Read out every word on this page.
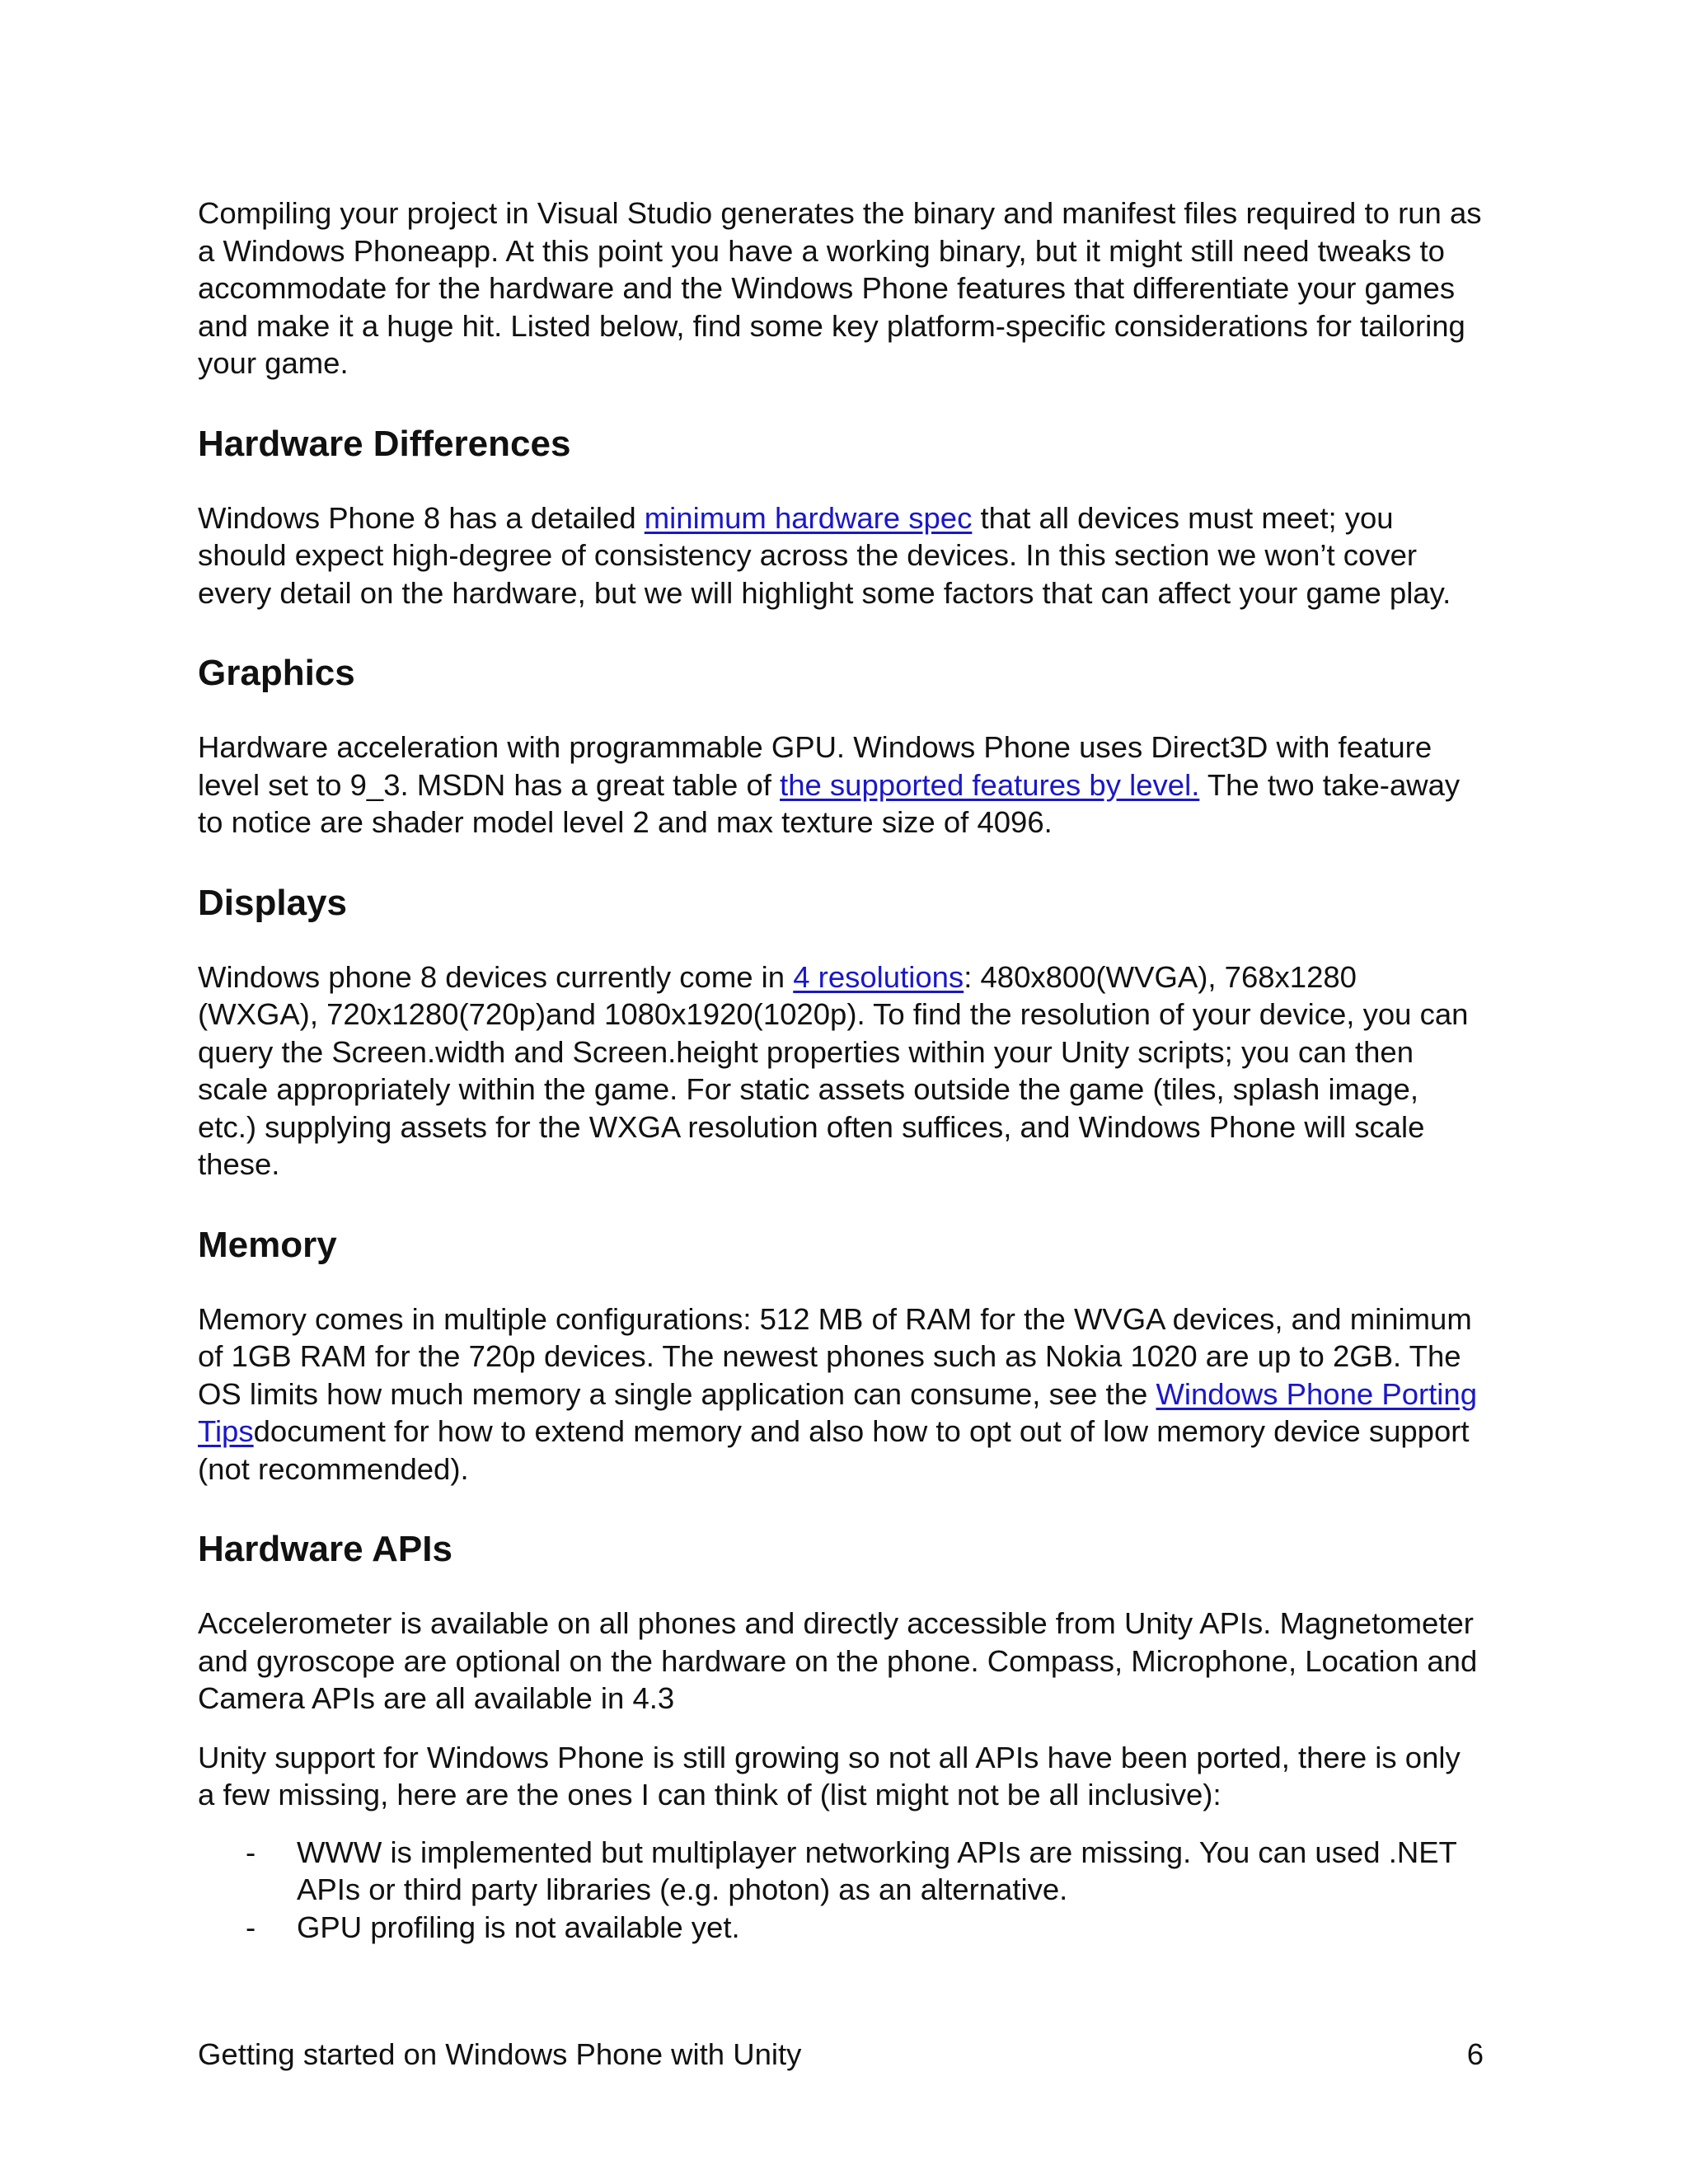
Compiling your project in Visual Studio generates the binary and manifest files required to run as a Windows Phoneapp. At this point you have a working binary, but it might still need tweaks to accommodate for the hardware and the Windows Phone features that differentiate your games and make it a huge hit. Listed below, find some key platform-specific considerations for tailoring your game.

Hardware Differences

Windows Phone 8 has a detailed minimum hardware spec that all devices must meet; you should expect high-degree of consistency across the devices. In this section we won’t cover every detail on the hardware, but we will highlight some factors that can affect your game play.

Graphics

Hardware acceleration with programmable GPU. Windows Phone uses Direct3D with feature level set to 9_3. MSDN has a great table of the supported features by level. The two take-away to notice are shader model level 2 and max texture size of 4096.

Displays

Windows phone 8 devices currently come in 4 resolutions: 480x800(WVGA), 768x1280 (WXGA), 720x1280(720p)and 1080x1920(1020p). To find the resolution of your device, you can query the Screen.width and Screen.height properties within your Unity scripts; you can then scale appropriately within the game. For static assets outside the game (tiles, splash image, etc.) supplying assets for the WXGA resolution often suffices, and Windows Phone will scale these.

Memory

Memory comes in multiple configurations: 512 MB of RAM for the WVGA devices, and minimum of 1GB RAM for the 720p devices. The newest phones such as Nokia 1020 are up to 2GB. The OS limits how much memory a single application can consume, see the Windows Phone Porting Tipsdocument for how to extend memory and also how to opt out of low memory device support (not recommended).

Hardware APIs

Accelerometer is available on all phones and directly accessible from Unity APIs. Magnetometer and gyroscope are optional on the hardware on the phone. Compass, Microphone, Location and Camera APIs are all available in 4.3

Unity support for Windows Phone is still growing so not all APIs have been ported, there is only a few missing, here are the ones I can think of (list might not be all inclusive):

- WWW is implemented but multiplayer networking APIs are missing. You can used .NET APIs or third party libraries (e.g. photon) as an alternative.
- GPU profiling is not available yet.
Getting started on Windows Phone with Unity	6
